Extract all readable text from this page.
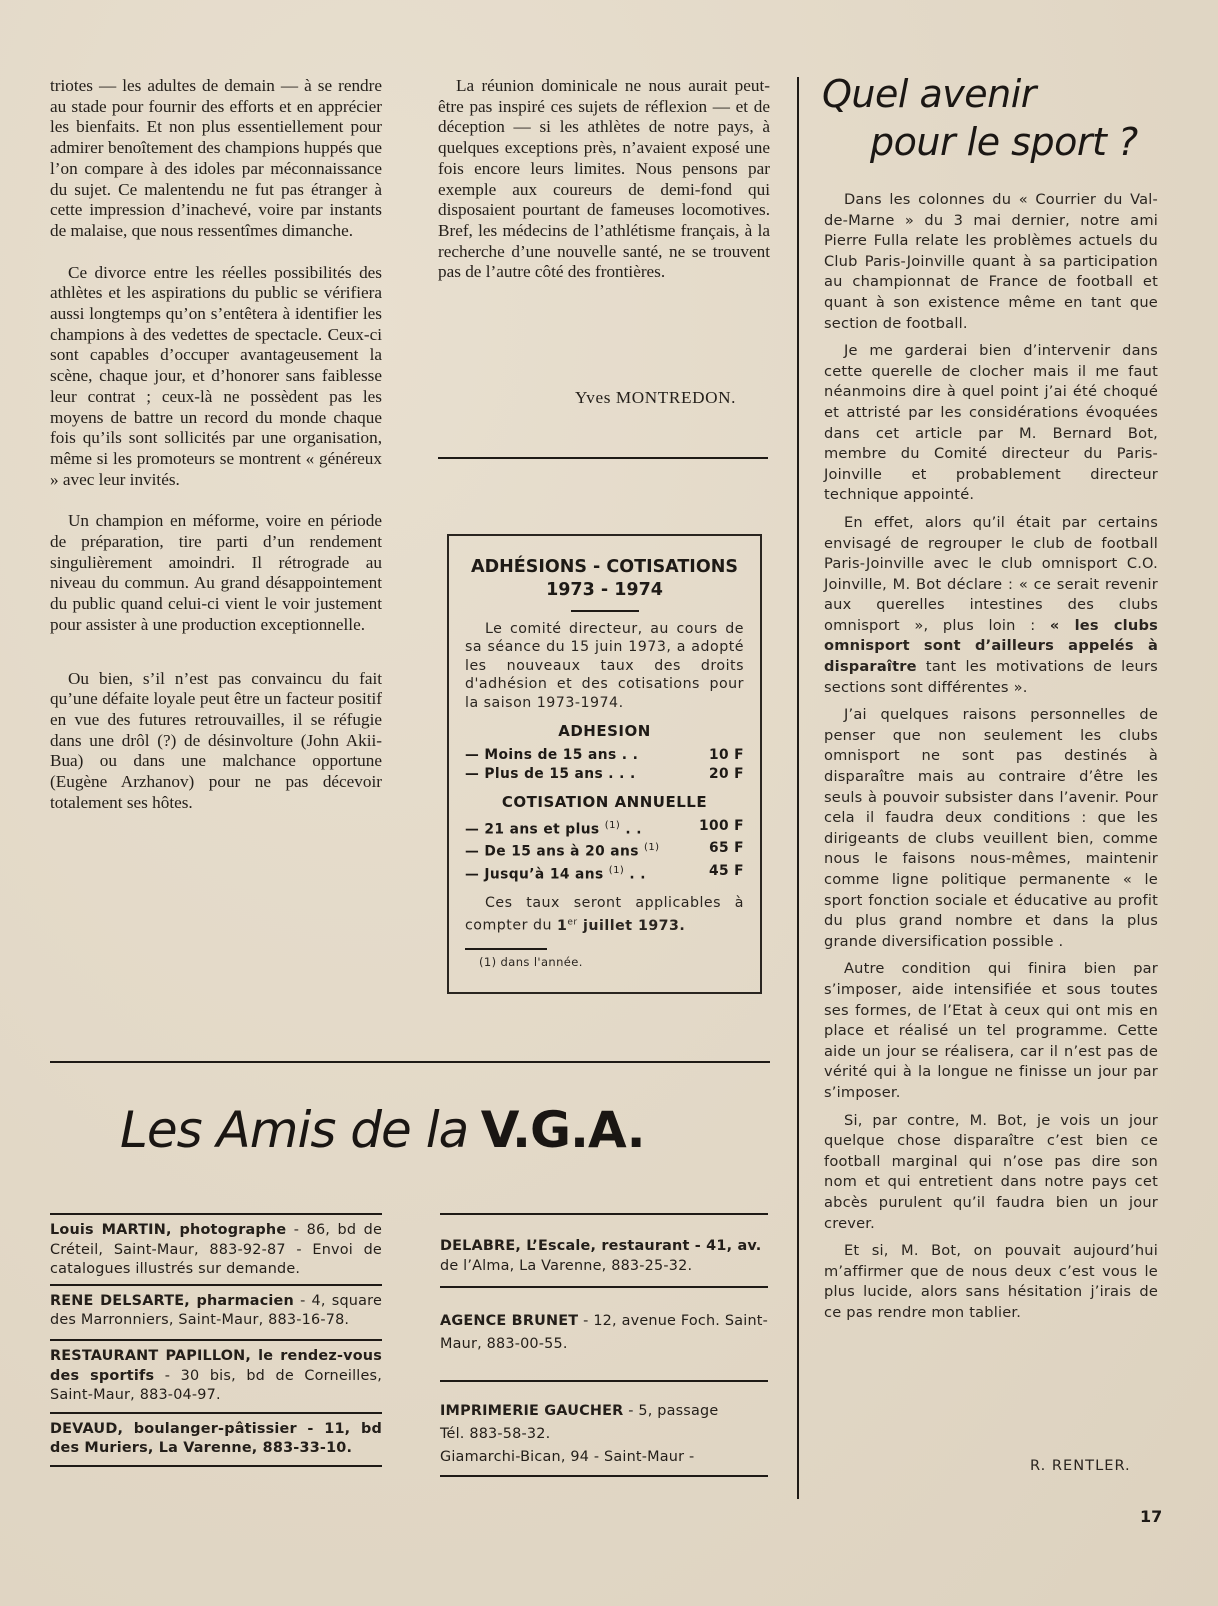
triotes — les adultes de demain — à se rendre au stade pour fournir des efforts et en apprécier les bienfaits. Et non plus essentiellement pour admirer benoîtement des champions huppés que l’on compare à des idoles par méconnaissance du sujet. Ce malentendu ne fut pas étranger à cette impression d’inachevé, voire par instants de malaise, que nous ressentîmes dimanche.

Ce divorce entre les réelles possibilités des athlètes et les aspirations du public se vérifiera aussi longtemps qu’on s’entêtera à identifier les champions à des vedettes de spectacle. Ceux-ci sont capables d’occuper avantageusement la scène, chaque jour, et d’honorer sans faiblesse leur contrat ; ceux-là ne possèdent pas les moyens de battre un record du monde chaque fois qu’ils sont sollicités par une organisation, même si les promoteurs se montrent « généreux » avec leur invités.

Un champion en méforme, voire en période de préparation, tire parti d’un rendement singulièrement amoindri. Il rétrograde au niveau du commun. Au grand désappointement du public quand celui-ci vient le voir justement pour assister à une production exceptionnelle.

Ou bien, s’il n’est pas convaincu du fait qu’une défaite loyale peut être un facteur positif en vue des futures retrouvailles, il se réfugie dans une drôl (?) de désinvolture (John Akii-Bua) ou dans une malchance opportune (Eugène Arzhanov) pour ne pas décevoir totalement ses hôtes.

La réunion dominicale ne nous aurait peut-être pas inspiré ces sujets de réflexion — et de déception — si les athlètes de notre pays, à quelques exceptions près, n’avaient exposé une fois encore leurs limites. Nous pensons par exemple aux coureurs de demi-fond qui disposaient pourtant de fameuses locomotives. Bref, les médecins de l’athlétisme français, à la recherche d’une nouvelle santé, ne se trouvent pas de l’autre côté des frontières.

Yves MONTREDON.
ADHÉSIONS - COTISATIONS
1973 - 1974

Le comité directeur, au cours de sa séance du 15 juin 1973, a adopté les nouveaux taux des droits d'adhésion et des cotisations pour la saison 1973-1974.

ADHESION
— Moins de 15 ans . .	10 F
— Plus de 15 ans . . .	20 F
COTISATION ANNUELLE
— 21 ans et plus $^{(1)}$ . .	100 F
— De 15 ans à 20 ans $^{(1)}$	65 F
— Jusqu’à 14 ans $^{(1)}$ . .	45 F

Ces taux seront applicables à compter du 1er juillet 1973.

(1) dans l'année.
Quel avenir
pour le sport ?

Dans les colonnes du « Courrier du Val-de-Marne » du 3 mai dernier, notre ami Pierre Fulla relate les problèmes actuels du Club Paris-Joinville quant à sa participation au championnat de France de football et quant à son existence même en tant que section de football.

Je me garderai bien d’intervenir dans cette querelle de clocher mais il me faut néanmoins dire à quel point j’ai été choqué et attristé par les considérations évoquées dans cet article par M. Bernard Bot, membre du Comité directeur du Paris-Joinville et probablement directeur technique appointé.

En effet, alors qu’il était par certains envisagé de regrouper le club de football Paris-Joinville avec le club omnisport C.O. Joinville, M. Bot déclare : « ce serait revenir aux querelles intestines des clubs omnisport », plus loin : « les clubs omnisport sont d’ailleurs appelés à disparaître tant les motivations de leurs sections sont différentes ».

J’ai quelques raisons personnelles de penser que non seulement les clubs omnisport ne sont pas destinés à disparaître mais au contraire d’être les seuls à pouvoir subsister dans l’avenir. Pour cela il faudra deux conditions : que les dirigeants de clubs veuillent bien, comme nous le faisons nous-mêmes, maintenir comme ligne politique permanente « le sport fonction sociale et éducative au profit du plus grand nombre et dans la plus grande diversification possible .

Autre condition qui finira bien par s’imposer, aide intensifiée et sous toutes ses formes, de l’Etat à ceux qui ont mis en place et réalisé un tel programme. Cette aide un jour se réalisera, car il n’est pas de vérité qui à la longue ne finisse un jour par s’imposer.

Si, par contre, M. Bot, je vois un jour quelque chose disparaître c’est bien ce football marginal qui n’ose pas dire son nom et qui entretient dans notre pays cet abcès purulent qu’il faudra bien un jour crever.

Et si, M. Bot, on pouvait aujourd’hui m’affirmer que de nous deux c’est vous le plus lucide, alors sans hésitation j’irais de ce pas rendre mon tablier.

R. RENTLER.
Les Amis de la V.G.A.

Louis MARTIN, photographe - 86, bd de Créteil, Saint-Maur, 883-92-87 - Envoi de catalogues illustrés sur demande.

RENE DELSARTE, pharmacien - 4, square des Marronniers, Saint-Maur, 883-16-78.

RESTAURANT PAPILLON, le rendez-vous des sportifs - 30 bis, bd de Corneilles, Saint-Maur, 883-04-97.

DEVAUD, boulanger-pâtissier - 11, bd des Muriers, La Varenne, 883-33-10.

DELABRE, L’Escale, restaurant - 41, av.
de l’Alma, La Varenne, 883-25-32.

AGENCE BRUNET - 12, avenue Foch. Saint-Maur, 883-00-55.

IMPRIMERIE GAUCHER - 5, passage
Tél. 883-58-32.
Giamarchi-Bican, 94 - Saint-Maur -

17
